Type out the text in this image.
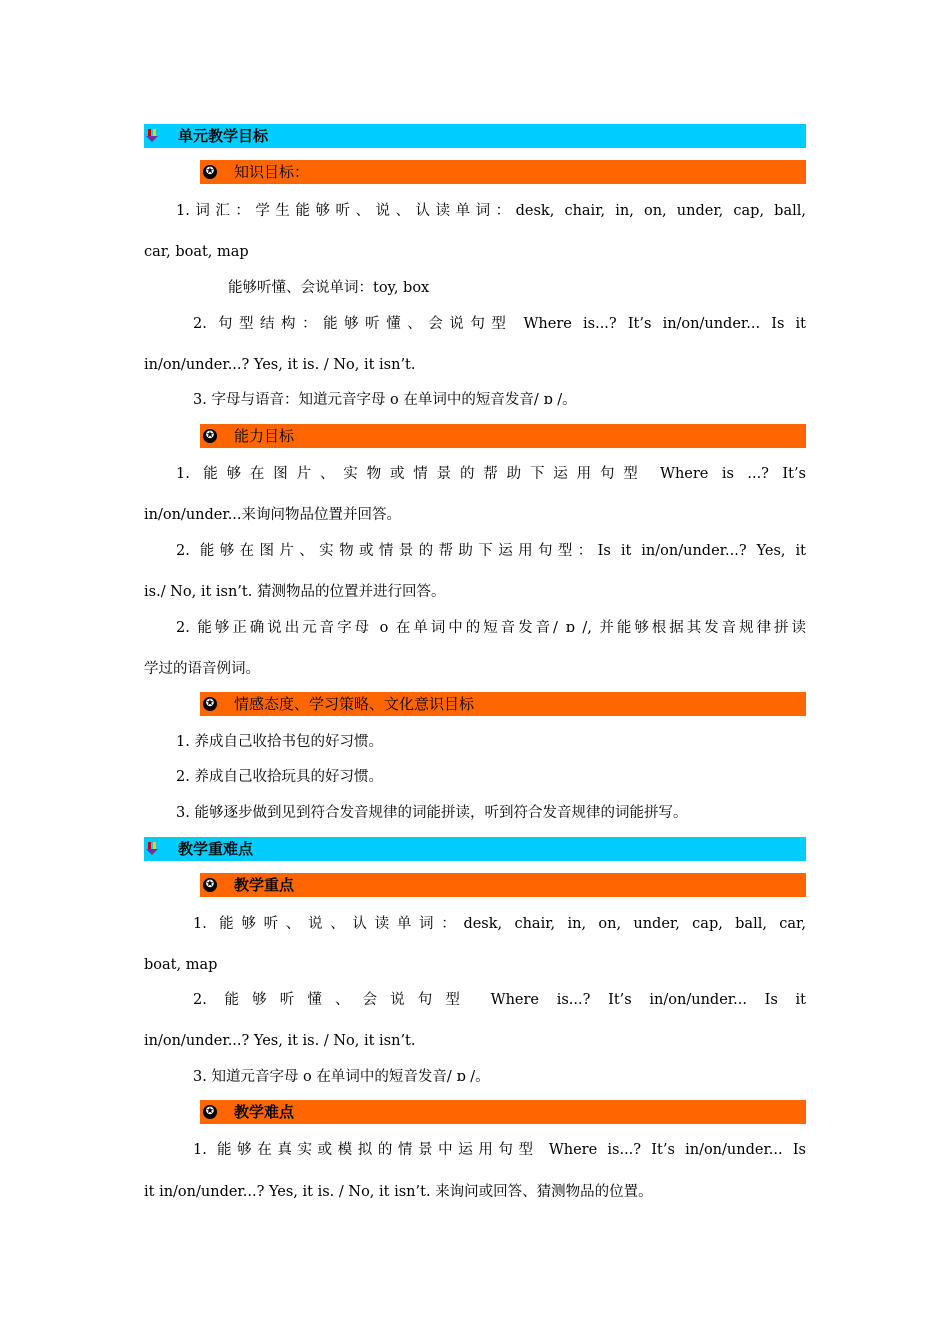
单元教学目标
✪ 知识目标：
1.词汇：学生能够听、说、认读单词：desk, chair, in, on, under, cap, ball,
car, boat, map
能够听懂、会说单词：toy, box
2. 句型结构：能够听懂、会说句型 Where is...? It’s in/on/under... Is it
in/on/under...? Yes, it is. / No, it isn’t.
3. 字母与语音：知道元音字母 o 在单词中的短音发音/ ɒ /。
✪ 能力目标
1. 能够在图片、实物或情景的帮助下运用句型 Where is ...? It’s
in/on/under...来询问物品位置并回答。
2. 能够在图片、实物或情景的帮助下运用句型：Is it in/on/under...? Yes, it
is./ No, it isn’t. 猜测物品的位置并进行回答。
2. 能够正确说出元音字母 o 在单词中的短音发音/ ɒ /, 并能够根据其发音规律拼读
学过的语音例词。
✪ 情感态度、学习策略、文化意识目标
1. 养成自己收拾书包的好习惯。
2. 养成自己收拾玩具的好习惯。
3. 能够逐步做到见到符合发音规律的词能拼读，听到符合发音规律的词能拼写。
教学重难点
✪ 教学重点
1. 能够听、说、认读单词：desk, chair, in, on, under, cap, ball, car,
boat, map
2. 能够听懂、会说句型 Where is...? It’s in/on/under... Is it
in/on/under...? Yes, it is. / No, it isn’t.
3. 知道元音字母 o 在单词中的短音发音/ ɒ /。
✪ 教学难点
1. 能够在真实或模拟的情景中运用句型 Where is...? It’s in/on/under... Is
it in/on/under...? Yes, it is. / No, it isn’t. 来询问或回答、猜测物品的位置。
